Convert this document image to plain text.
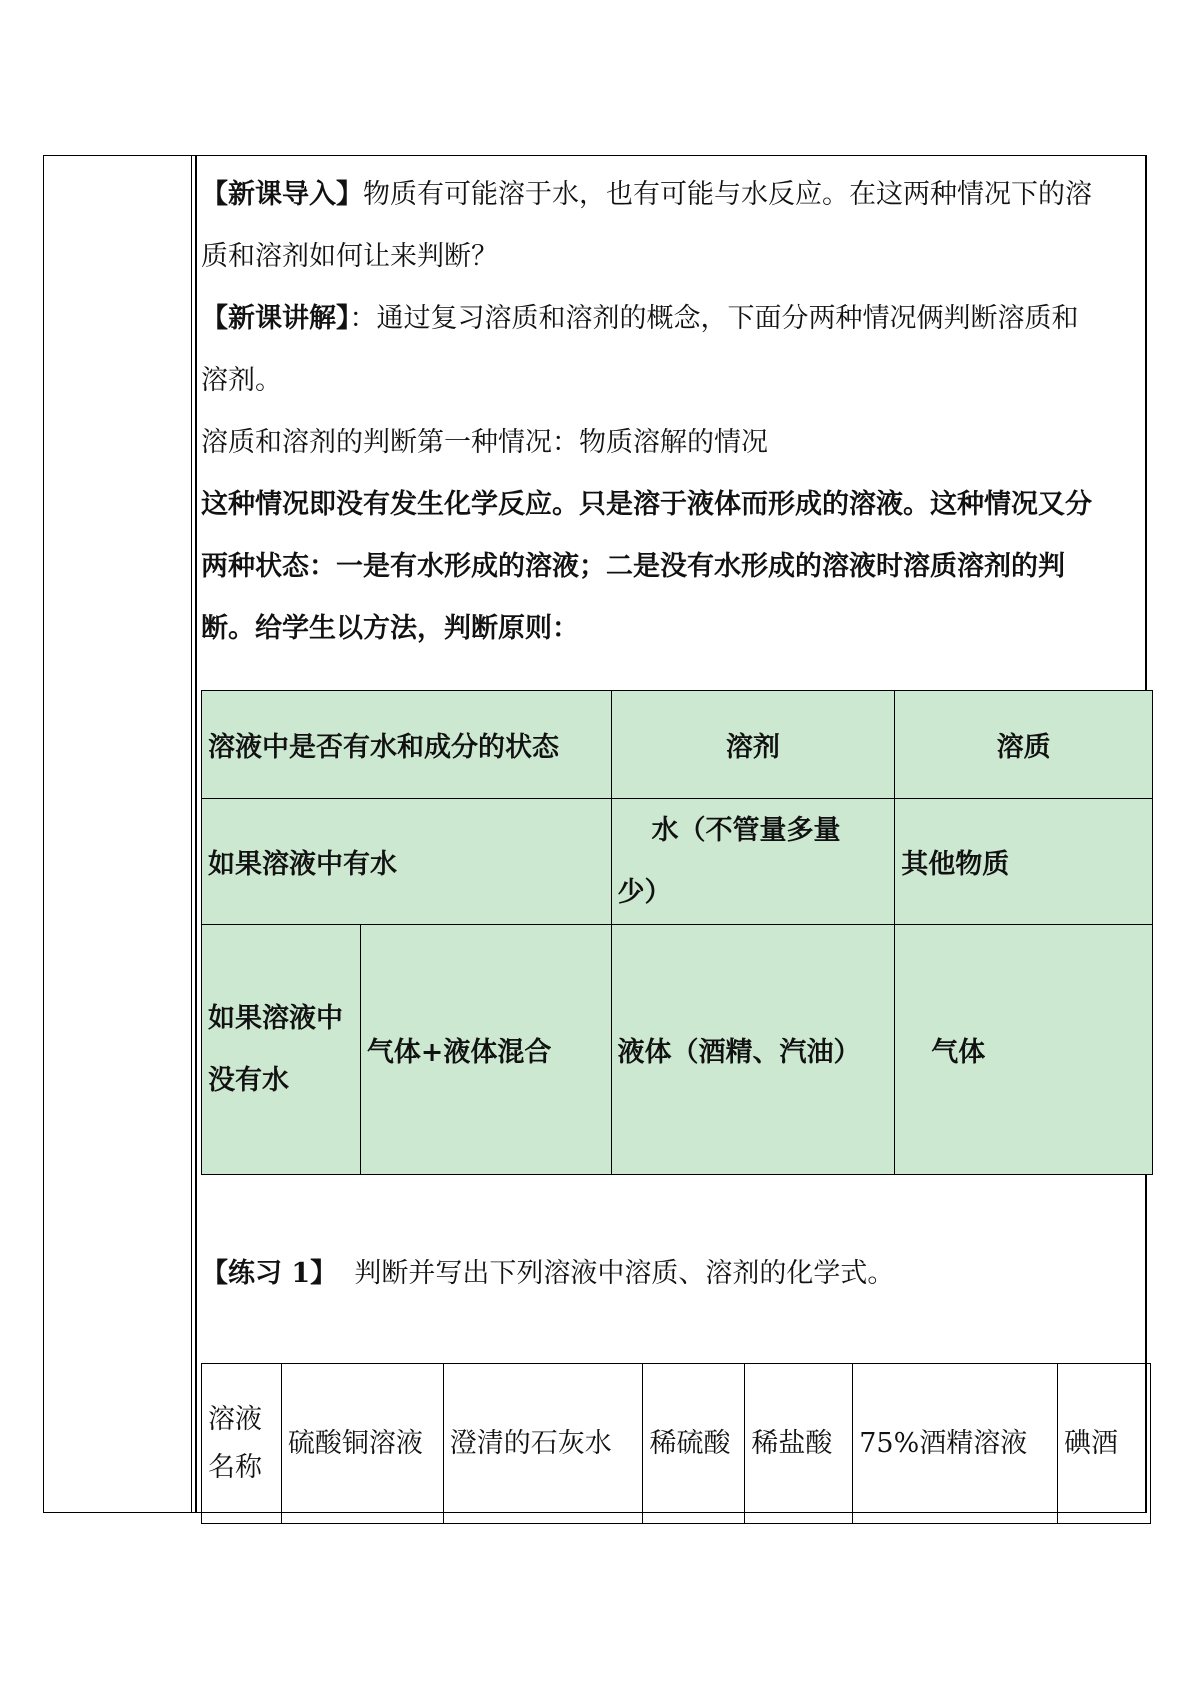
【新课导入】物质有可能溶于水，也有可能与水反应。在这两种情况下的溶
质和溶剂如何让来判断？
【新课讲解】：通过复习溶质和溶剂的概念，下面分两种情况俩判断溶质和
溶剂。
溶质和溶剂的判断第一种情况：物质溶解的情况
这种情况即没有发生化学反应。只是溶于液体而形成的溶液。这种情况又分
两种状态：一是有水形成的溶液；二是没有水形成的溶液时溶质溶剂的判
断。给学生以方法，判断原则：
溶液中是否有水和成分的状态		溶剂	溶质
如果溶液中有水		水（不管量多量
少）	其他物质

如果溶液中
没有水	气体+液体混合	液体（酒精、汽油）	气体
【练习 1】 判断并写出下列溶液中溶质、溶剂的化学式。
溶液
名称
	硫酸铜溶液	澄清的石灰水	稀硫酸	稀盐酸	75%酒精溶液	碘酒
